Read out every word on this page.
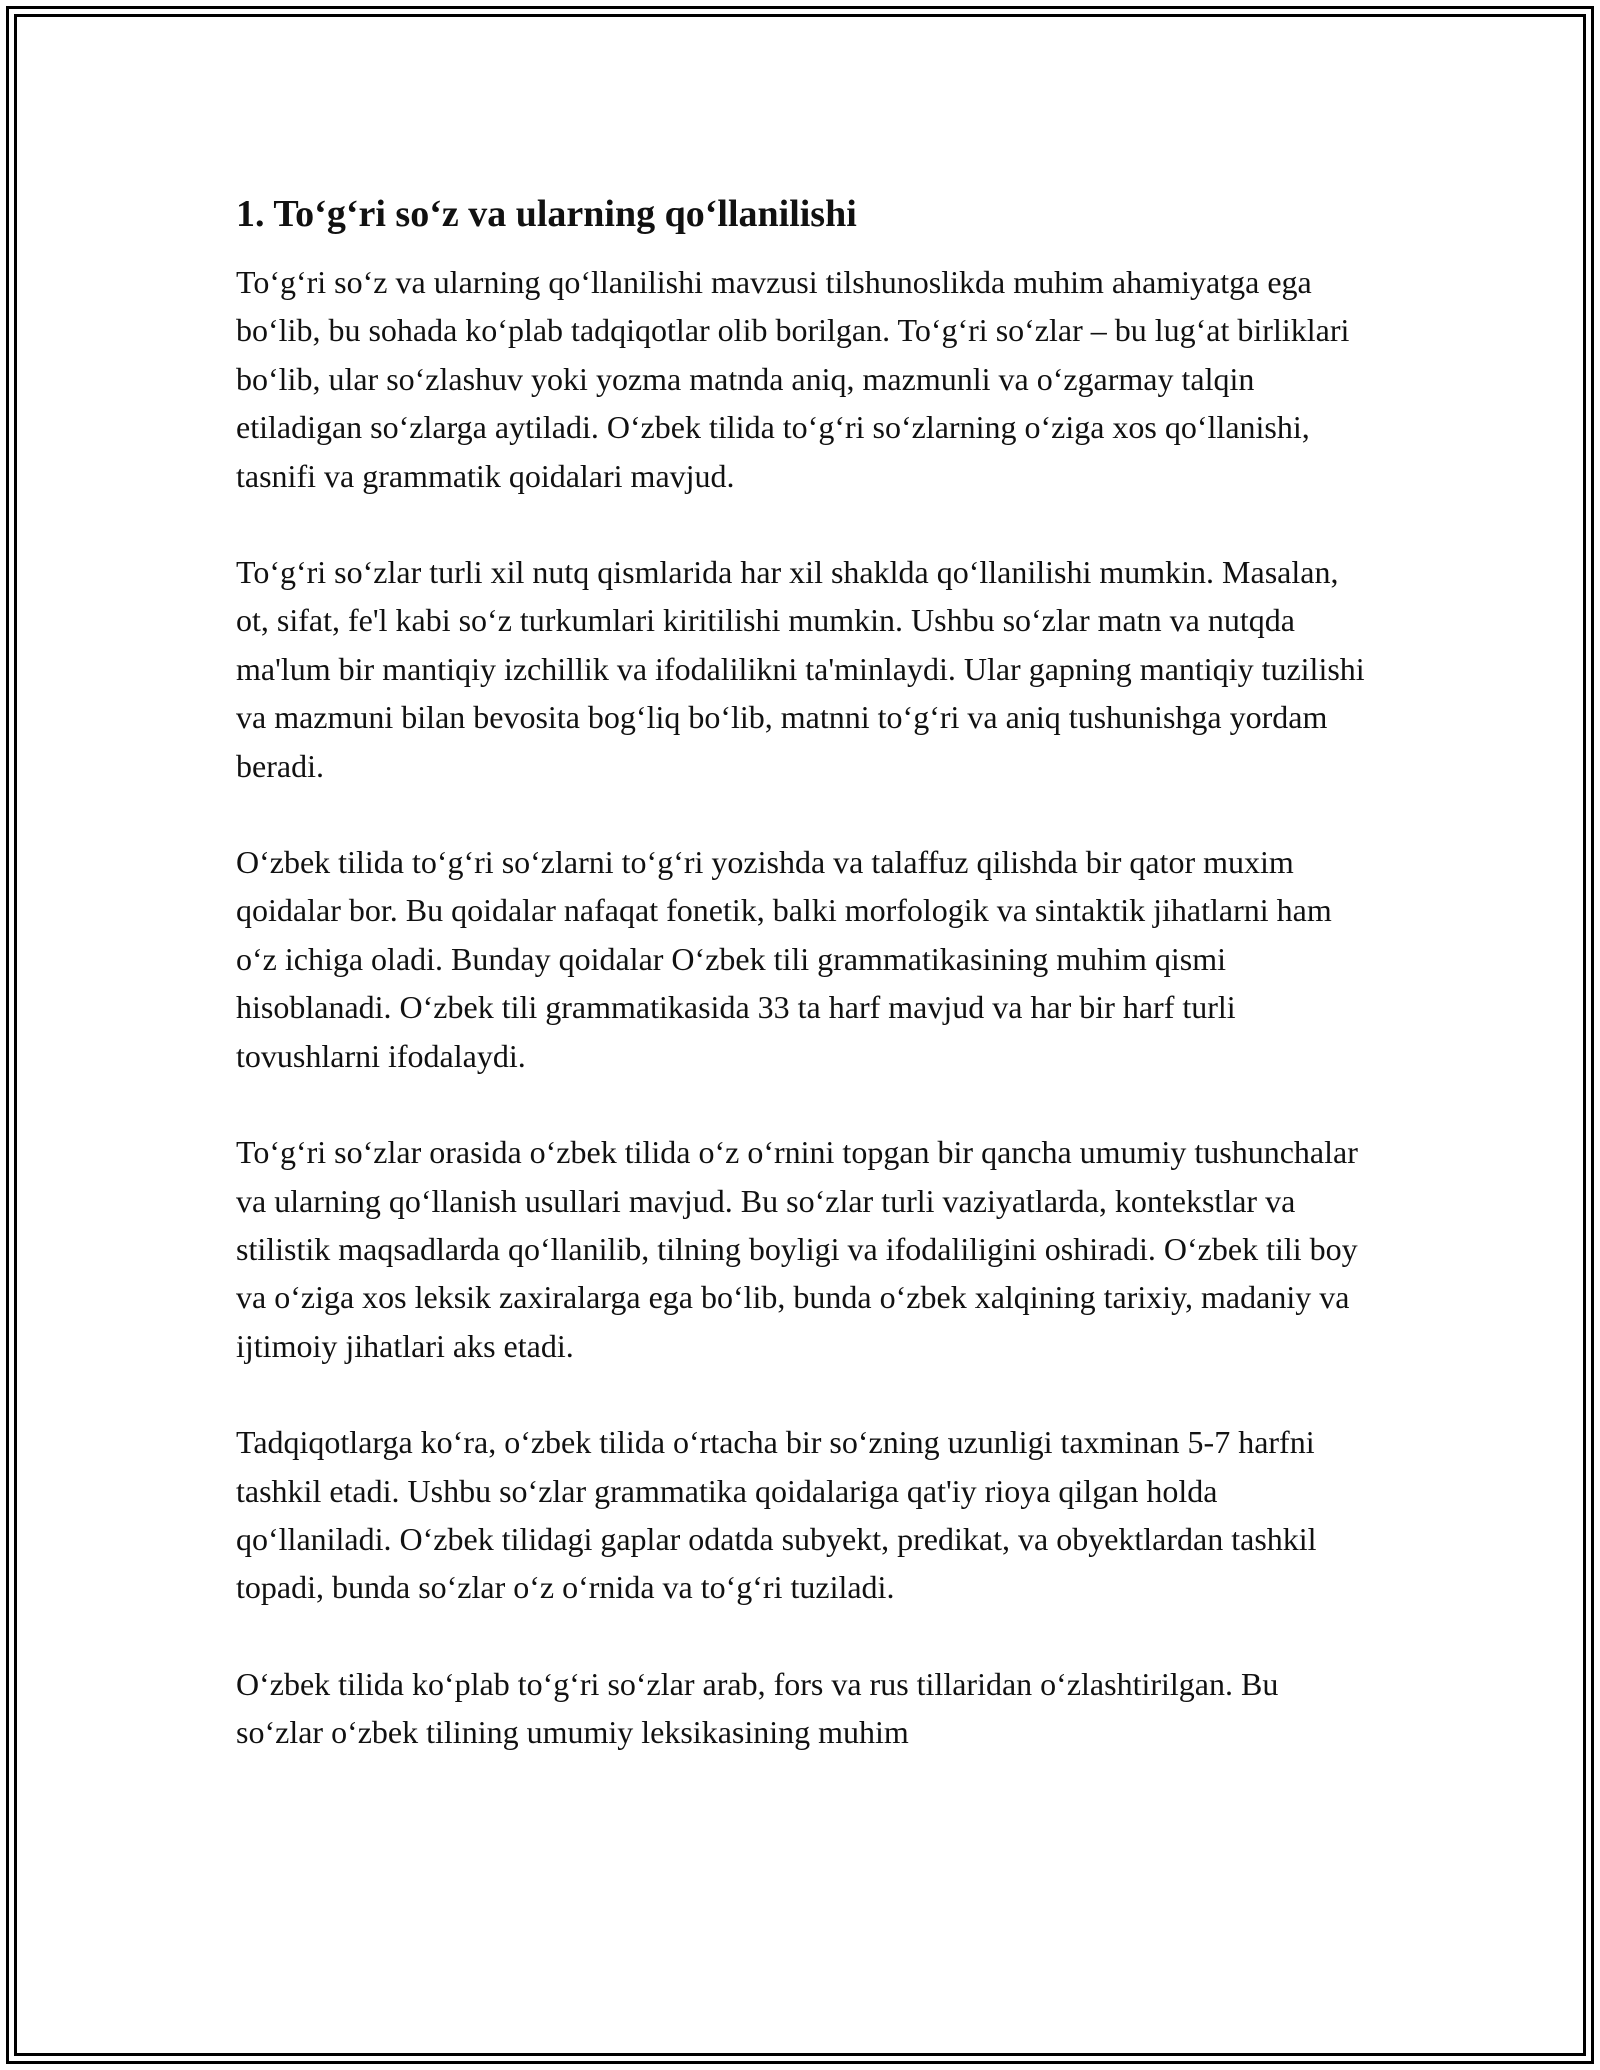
1. To‘g‘ri so‘z va ularning qo‘llanilishi

To‘g‘ri so‘z va ularning qo‘llanilishi mavzusi tilshunoslikda muhim ahamiyatga ega bo‘lib, bu sohada ko‘plab tadqiqotlar olib borilgan. To‘g‘ri so‘zlar – bu lug‘at birliklari bo‘lib, ular so‘zlashuv yoki yozma matnda aniq, mazmunli va o‘zgarmay talqin etiladigan so‘zlarga aytiladi. O‘zbek tilida to‘g‘ri so‘zlarning o‘ziga xos qo‘llanishi, tasnifi va grammatik qoidalari mavjud.

To‘g‘ri so‘zlar turli xil nutq qismlarida har xil shaklda qo‘llanilishi mumkin. Masalan, ot, sifat, fe'l kabi so‘z turkumlari kiritilishi mumkin. Ushbu so‘zlar matn va nutqda ma'lum bir mantiqiy izchillik va ifodalilikni ta'minlaydi. Ular gapning mantiqiy tuzilishi va mazmuni bilan bevosita bog‘liq bo‘lib, matnni to‘g‘ri va aniq tushunishga yordam beradi.

O‘zbek tilida to‘g‘ri so‘zlarni to‘g‘ri yozishda va talaffuz qilishda bir qator muxim qoidalar bor. Bu qoidalar nafaqat fonetik, balki morfologik va sintaktik jihatlarni ham o‘z ichiga oladi. Bunday qoidalar O‘zbek tili grammatikasining muhim qismi hisoblanadi. O‘zbek tili grammatikasida 33 ta harf mavjud va har bir harf turli tovushlarni ifodalaydi.

To‘g‘ri so‘zlar orasida o‘zbek tilida o‘z o‘rnini topgan bir qancha umumiy tushunchalar va ularning qo‘llanish usullari mavjud. Bu so‘zlar turli vaziyatlarda, kontekstlar va stilistik maqsadlarda qo‘llanilib, tilning boyligi va ifodaliligini oshiradi. O‘zbek tili boy va o‘ziga xos leksik zaxiralarga ega bo‘lib, bunda o‘zbek xalqining tarixiy, madaniy va ijtimoiy jihatlari aks etadi.

Tadqiqotlarga ko‘ra, o‘zbek tilida o‘rtacha bir so‘zning uzunligi taxminan 5-7 harfni tashkil etadi. Ushbu so‘zlar grammatika qoidalariga qat'iy rioya qilgan holda qo‘llaniladi. O‘zbek tilidagi gaplar odatda subyekt, predikat, va obyektlardan tashkil topadi, bunda so‘zlar o‘z o‘rnida va to‘g‘ri tuziladi.

O‘zbek tilida ko‘plab to‘g‘ri so‘zlar arab, fors va rus tillaridan o‘zlashtirilgan. Bu so‘zlar o‘zbek tilining umumiy leksikasining muhim
